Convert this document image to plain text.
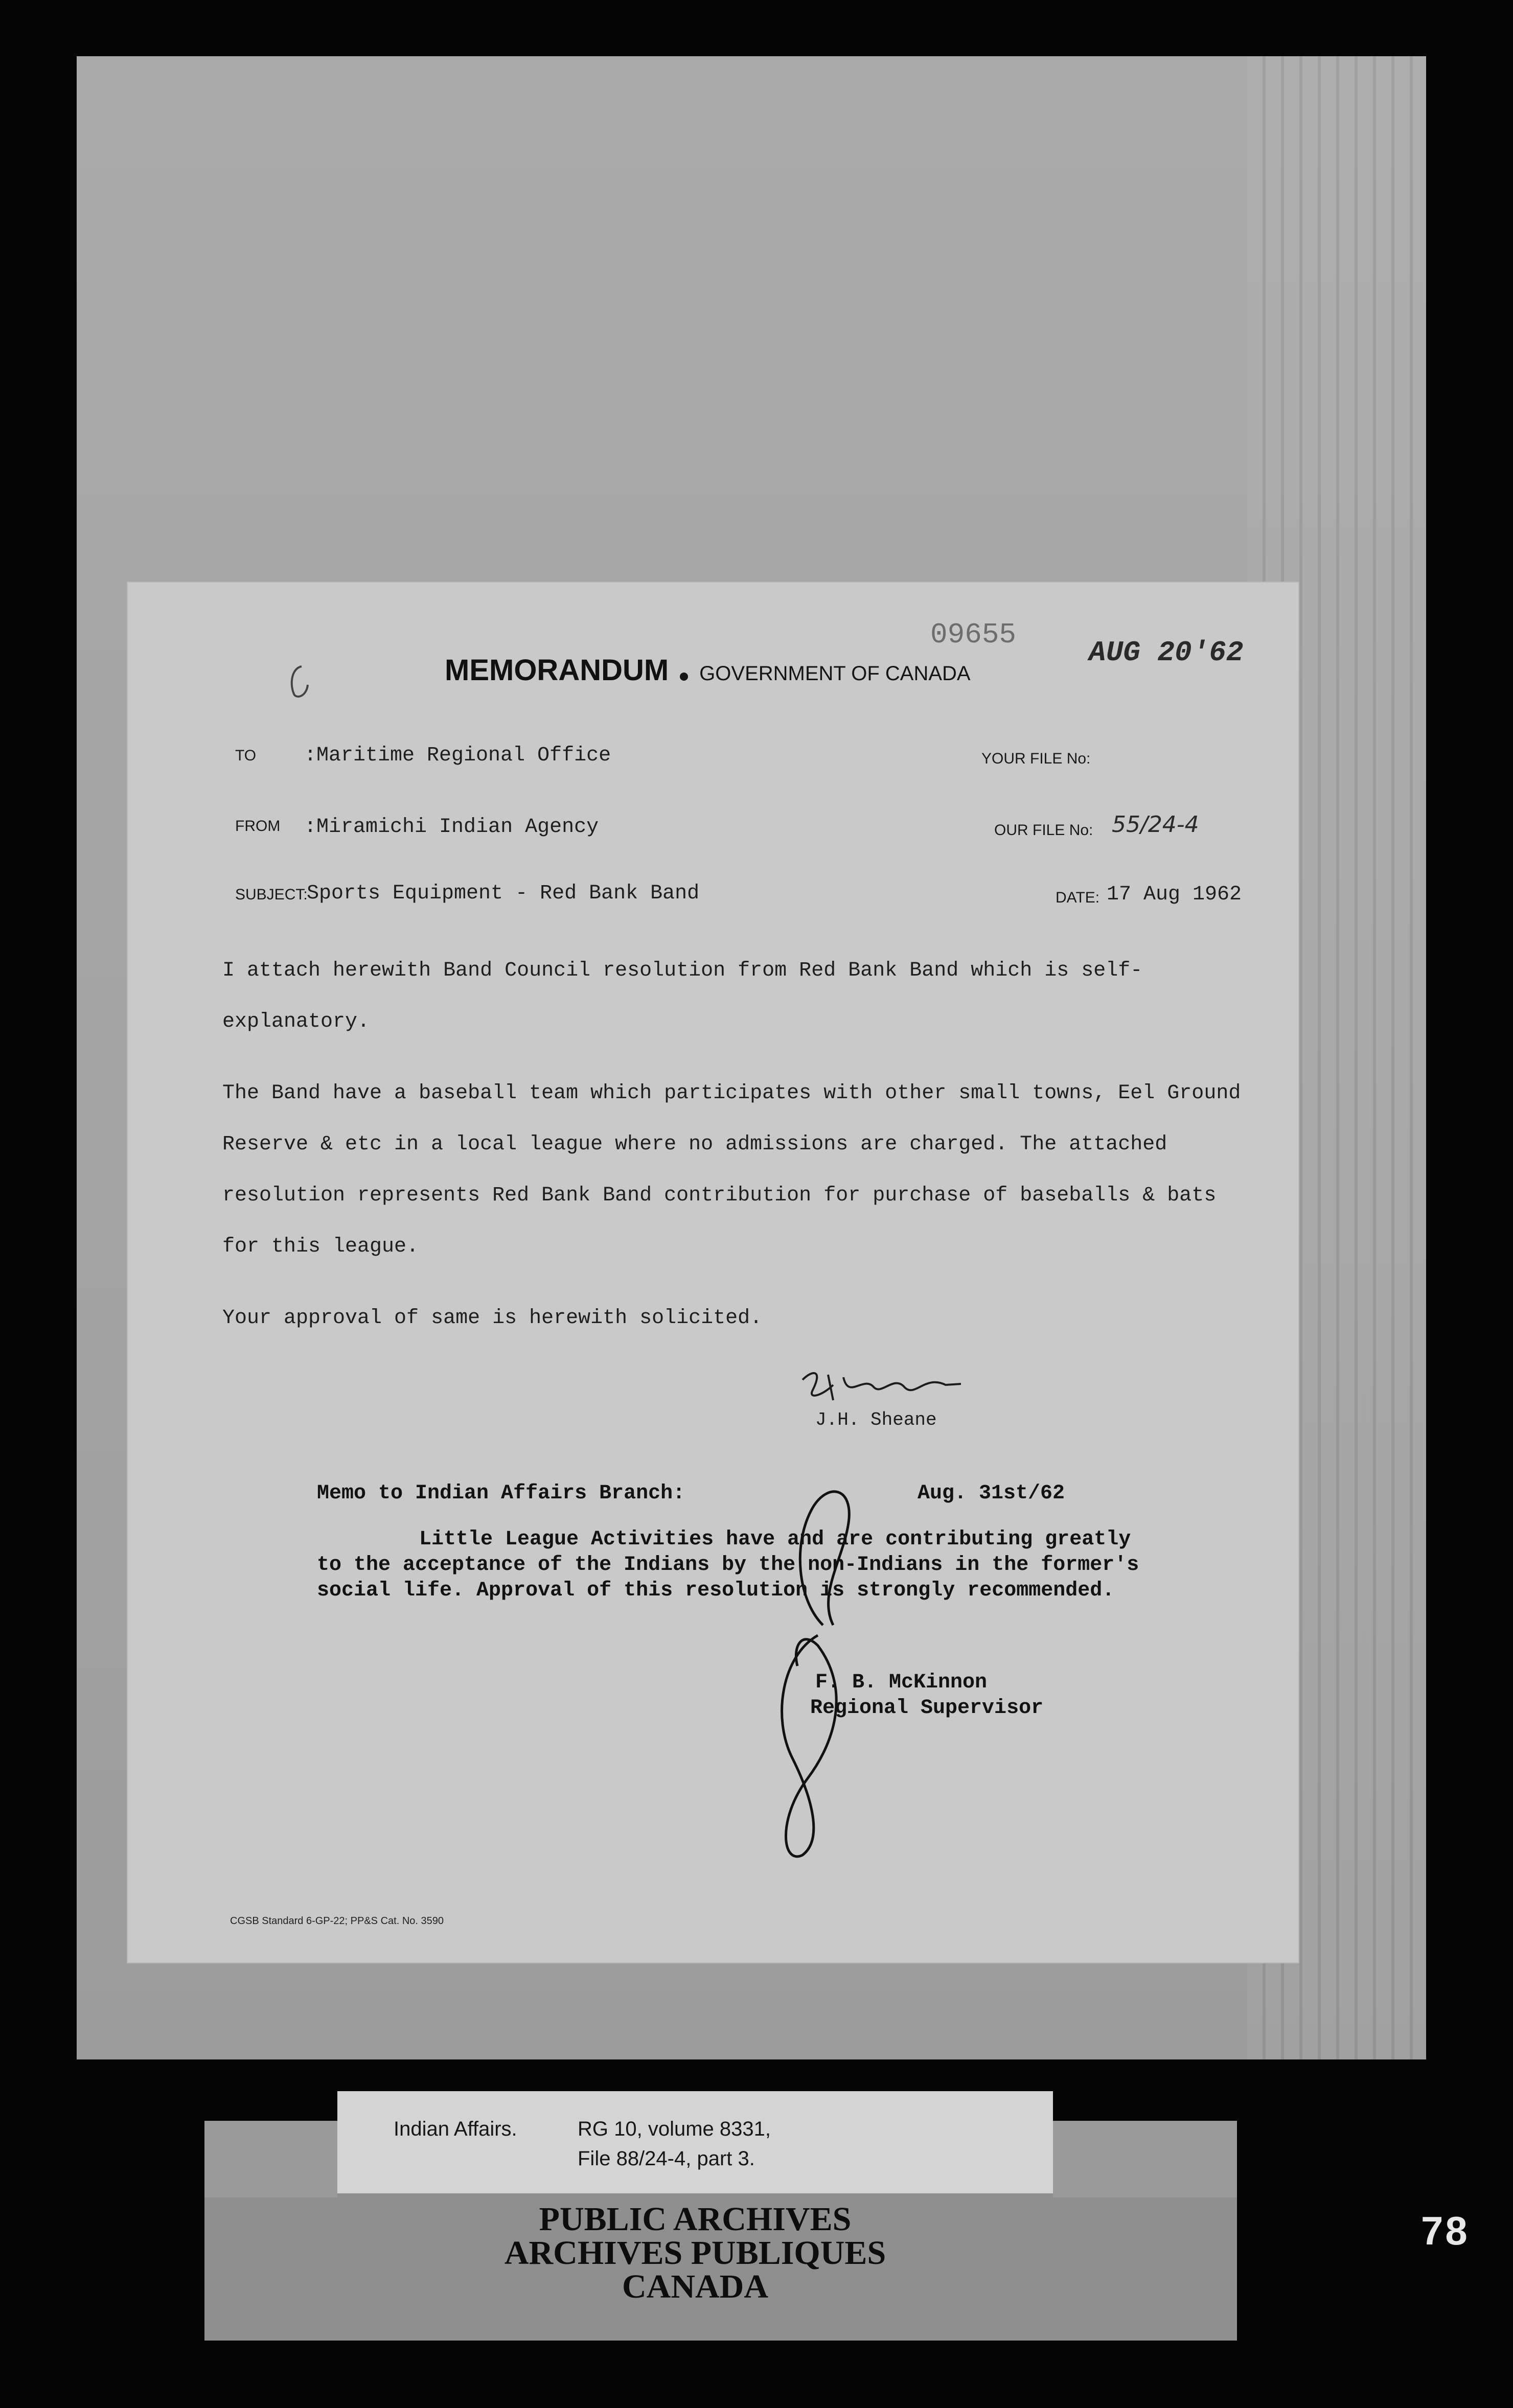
MEMORANDUM GOVERNMENT OF CANADA
09655
AUG 20'62
TO :Maritime Regional Office	YOUR FILE No:
FROM :Miramichi Indian Agency	OUR FILE No: 55/24-4
SUBJECT:
Sports Equipment - Red Bank Band	DATE: 17 Aug 1962
I attach herewith Band Council resolution from Red Bank Band which is self-
explanatory.
The Band have a baseball team which participates with other small towns, Eel Ground
Reserve & etc in a local league where no admissions are charged. The attached
resolution represents Red Bank Band contribution for purchase of baseballs & bats
for this league.
Your approval of same is herewith solicited.
J.H. Sheane
Memo to Indian Affairs Branch:	Aug. 31st/62
Little League Activities have and are contributing greatly
to the acceptance of the Indians by the non-Indians in the former's
social life. Approval of this resolution is strongly recommended.
F. B. McKinnon
Regional Supervisor
CGSB Standard 6-GP-22; PP&S Cat. No. 3590
Indian Affairs.	RG 10, volume 8331,
File 88/24-4, part 3.
PUBLIC ARCHIVES
ARCHIVES PUBLIQUES
CANADA
78
